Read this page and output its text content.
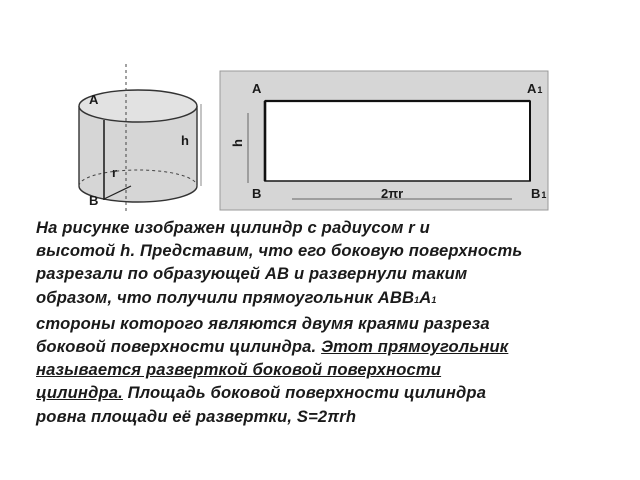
A
B
h
r
A	A1
B	B1
2πr
h
На рисунке изображен цилиндр с радиусом r и
высотой h. Представим, что его боковую поверхность
разрезали по образующей AB и развернули таким
образом, что получили прямоугольник ABB1A1
стороны которого являются двумя краями разреза
боковой поверхности цилиндра. Этот прямоугольник
называется разверткой боковой поверхности
цилиндра. Площадь боковой поверхности цилиндра
ровна площади её развертки, S=2πrh
